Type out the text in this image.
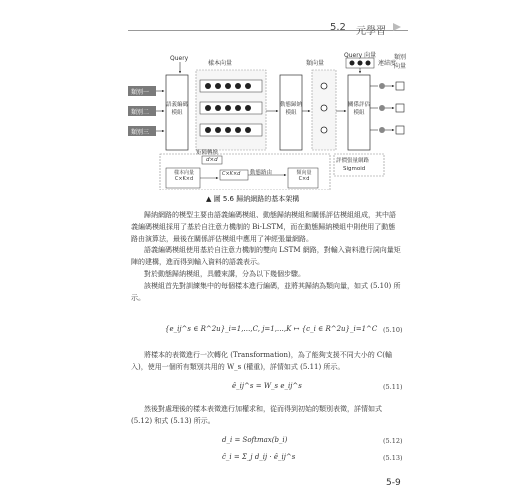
5.2 元學習
Query
樣本向量	類向量
Query 向量
連結度
類別
向量
類別一
類別二
類別三
語義編碼
模組
動態歸納
模組
關係評估
模組
矩陣轉換
d×d
樣本向量
C×K×d
C×K×d 動態路由	類向量
C×d
評價張量網路
Sigmoid
▲ 圖 5.6 歸納網路的基本架構

歸納網路的模型主要由語義編碼模組、動態歸納模組和關係評估模組組成，其中語義編碼模組採用了基於自注意力機制的 Bi-LSTM，而在動態歸納模組中則使用了動態路由演算法，最後在關係評估模組中應用了神經張量網路。

語義編碼模組使用基於自注意力機制的雙向 LSTM 網路，對輸入資料進行詞向量矩陣的建構，進而得到輸入資料的語義表示。

對於動態歸納模組，具體來講，分為以下幾個步驟。

該模組首先對訓練集中的每個樣本進行編碼，並將其歸納為類向量，如式 (5.10) 所示。

{e_ij^s ∈ R^2u}_i=1,…,C, j=1,…,K ↦ {c_i ∈ R^2u}_i=1^C (5.10)

將樣本的表徵進行一次轉化 (Transformation)，為了能夠支援不同大小的 C(輸入)，使用一個所有類別共用的 W_s (權重)，詳情如式 (5.11) 所示。

ê_ij^s = W_s e_ij^s	(5.11)

然後對處理後的樣本表徵進行加權求和，從而得到初始的類別表徵，詳情如式 (5.12) 和式 (5.13) 所示。

d_i = Softmax(b_i)	(5.12)
ĉ_i = Σ_j d_ij · ê_ij^s	(5.13)
5-9
